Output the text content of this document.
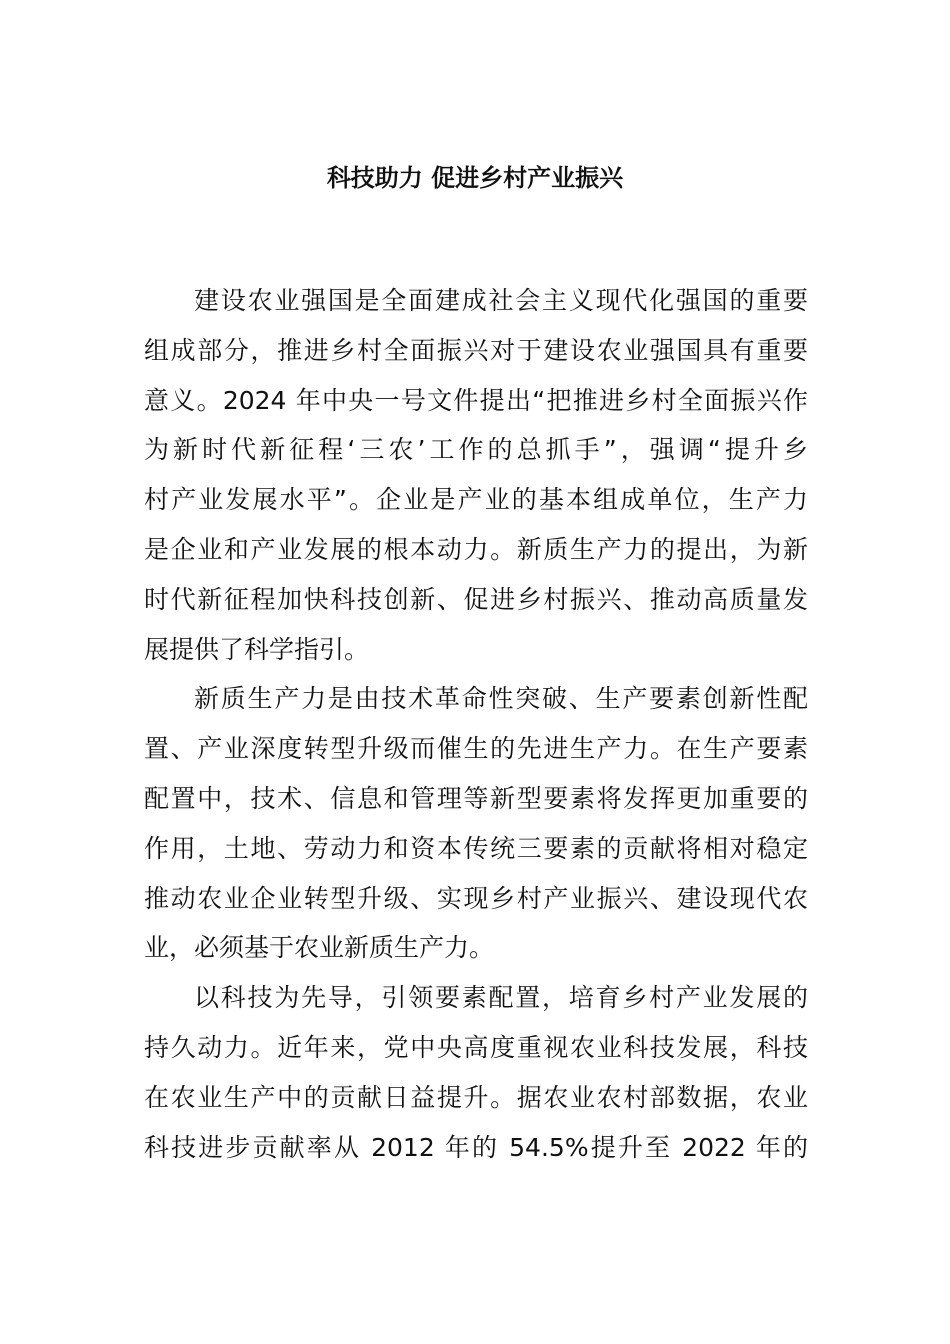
科技助力 促进乡村产业振兴

建设农业强国是全面建成社会主义现代化强国的重要
组成部分，推进乡村全面振兴对于建设农业强国具有重要
意义。2024 年中央一号文件提出“把推进乡村全面振兴作
为新时代新征程‘三农’工作的总抓手”，强调“提升乡
村产业发展水平”。企业是产业的基本组成单位，生产力
是企业和产业发展的根本动力。新质生产力的提出，为新
时代新征程加快科技创新、促进乡村振兴、推动高质量发
展提供了科学指引。

新质生产力是由技术革命性突破、生产要素创新性配
置、产业深度转型升级而催生的先进生产力。在生产要素
配置中，技术、信息和管理等新型要素将发挥更加重要的
作用，土地、劳动力和资本传统三要素的贡献将相对稳定
推动农业企业转型升级、实现乡村产业振兴、建设现代农
业，必须基于农业新质生产力。

以科技为先导，引领要素配置，培育乡村产业发展的
持久动力。近年来，党中央高度重视农业科技发展，科技
在农业生产中的贡献日益提升。据农业农村部数据，农业
科技进步贡献率从 2012 年的 54.5%提升至 2022 年的
